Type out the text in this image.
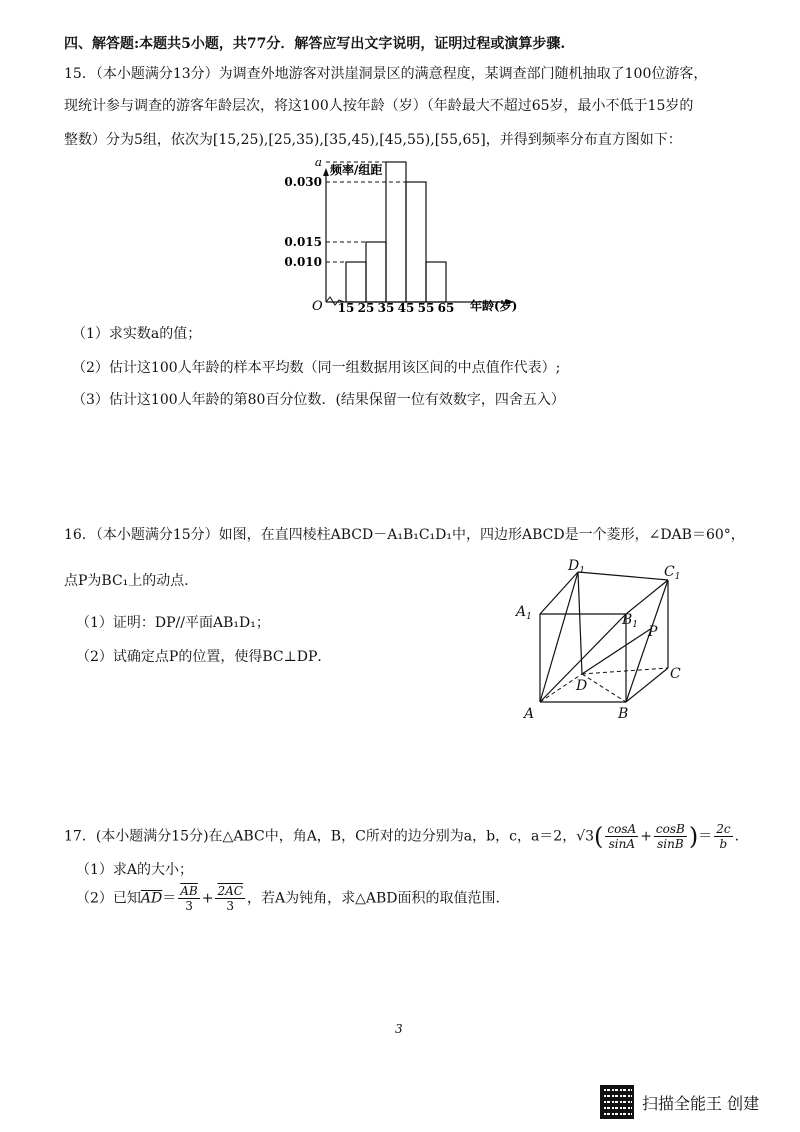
四、解答题:本题共5小题，共77分．解答应写出文字说明，证明过程或演算步骤.
15．（本小题满分13分）为调查外地游客对洪崖洞景区的满意程度，某调查部门随机抽取了100位游客，
现统计参与调查的游客年龄层次，将这100人按年龄（岁）（年龄最大不超过65岁，最小不低于15岁的
整数）分为5组，依次为[15,25),[25,35),[35,45),[45,55),[55,65]，并得到频率分布直方图如下：
频率/组距
年龄(岁)
O
0.010
0.015
a
0.030
15 25 35 45 55 65
（1）求实数a的值；
（2）估计这100人年龄的样本平均数（同一组数据用该区间的中点值作代表）;
（3）估计这100人年龄的第80百分位数．(结果保留一位有效数字，四舍五入）
16．（本小题满分15分）如图，在直四棱柱ABCD－A₁B₁C₁D₁中，四边形ABCD是一个菱形，∠DAB＝60°，
点P为BC₁上的动点．
（1）证明：DP//平面AB₁D₁；
（2）试确定点P的位置，使得BC⊥DP．
$D_1$	$C_1$
$A_1$	$B_1$ P
C
D
A	B
17．(本小题满分15分)在△ABC中，角A，B，C所对的边分别为a，b，c，a＝2，$√3( \frac{\cos A}{\sin A} + \frac{\cos B}{\sin B}$ )＝ $\frac{2c}{b}$ .
（1）求A的大小；
（2）已知$\overline{AD}= \frac{\overline{AB}}{3} + \frac{2AC}{3}$ ，若A为钝角，求△ABD面积的取值范围.
3
扫描全能王 创建
